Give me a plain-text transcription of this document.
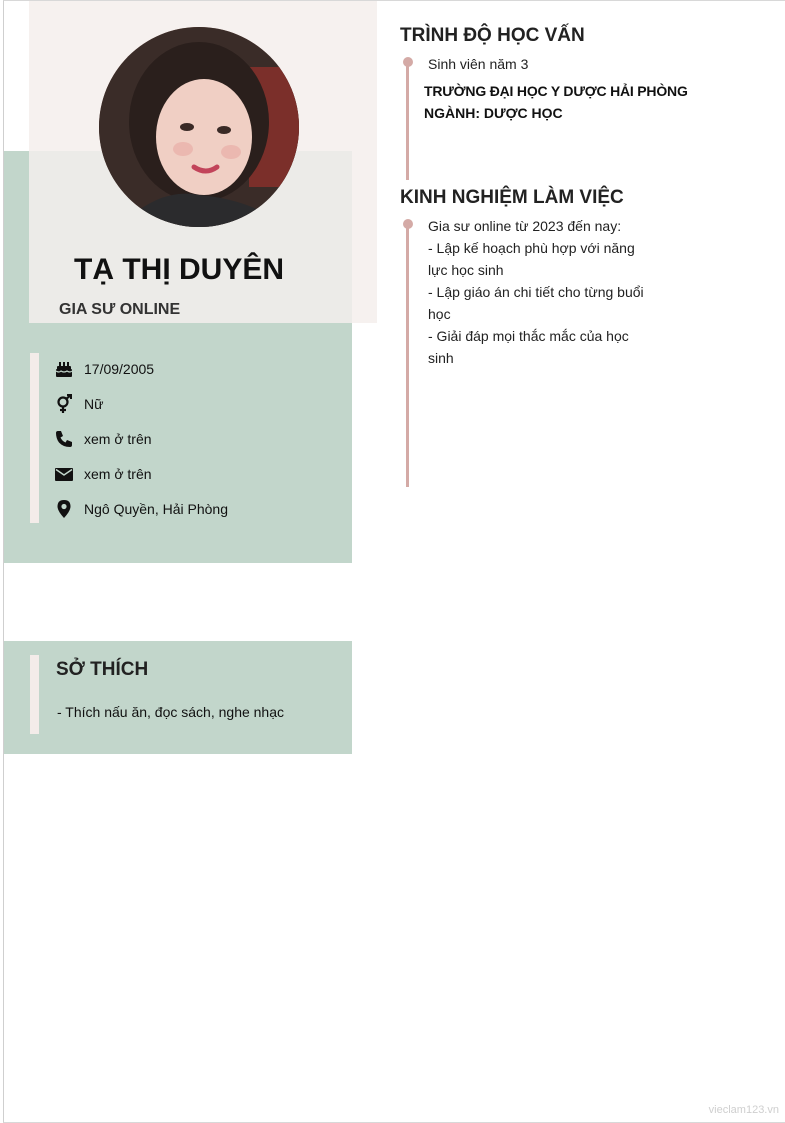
TẠ THỊ DUYÊN
GIA SƯ ONLINE
17/09/2005
Nữ
xem ở trên
xem ở trên
Ngô Quyền, Hải Phòng
SỞ THÍCH
- Thích nấu ăn, đọc sách, nghe nhạc
TRÌNH ĐỘ HỌC VẤN
Sinh viên năm 3
TRƯỜNG ĐẠI HỌC Y DƯỢC HẢI PHÒNG
NGÀNH: DƯỢC HỌC
KINH NGHIỆM LÀM VIỆC
Gia sư online từ 2023 đến nay:
- Lập kế hoạch phù hợp với năng lực học sinh
- Lập giáo án chi tiết cho từng buổi học
- Giải đáp mọi thắc mắc của học sinh
vieclam123.vn
